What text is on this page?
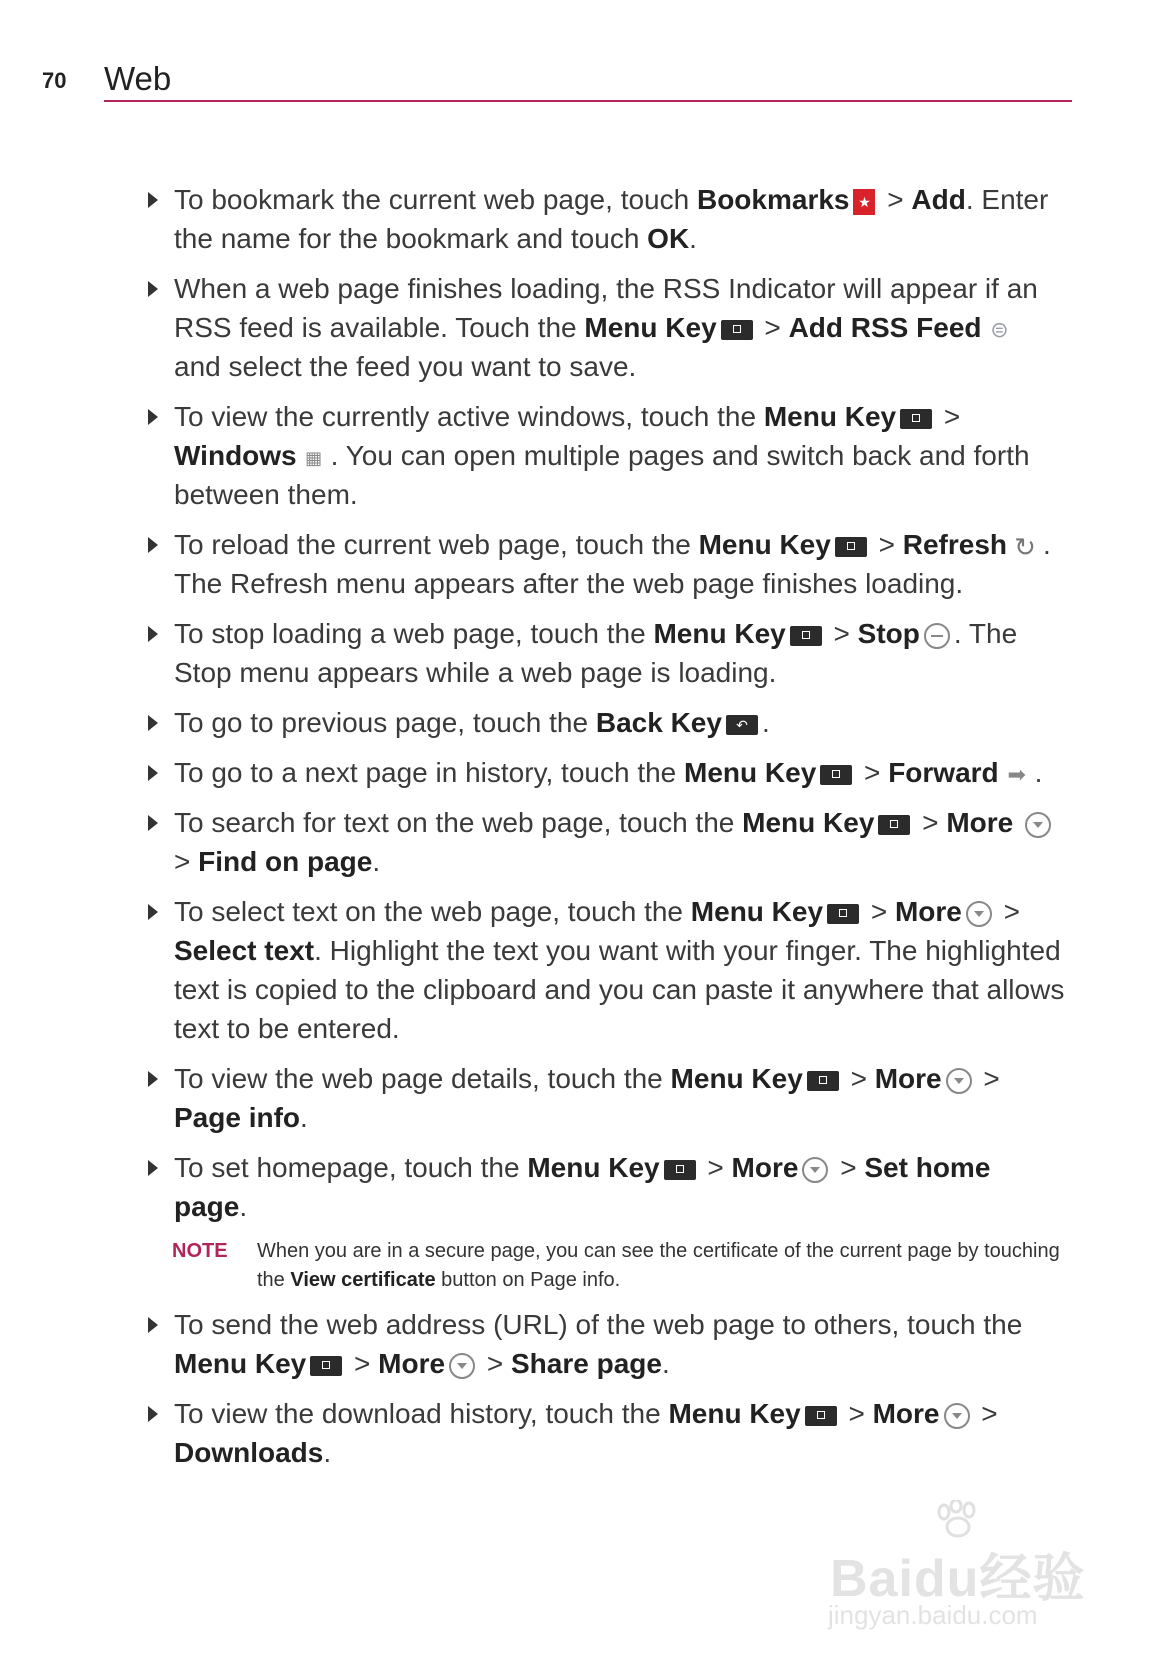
70 Web
To bookmark the current web page, touch Bookmarks ★ > Add. Enter the name for the bookmark and touch OK.
When a web page finishes loading, the RSS Indicator will appear if an RSS feed is available. Touch the Menu Key > Add RSS Feed ⊜ and select the feed you want to save.
To view the currently active windows, touch the Menu Key > Windows ▦ . You can open multiple pages and switch back and forth between them.
To reload the current web page, touch the Menu Key > Refresh ↻ . The Refresh menu appears after the web page finishes loading.
To stop loading a web page, touch the Menu Key > Stop . The Stop menu appears while a web page is loading.
To go to previous page, touch the Back Key ↶ .
To go to a next page in history, touch the Menu Key > Forward ➡ .
To search for text on the web page, touch the Menu Key > More  > Find on page.
To select text on the web page, touch the Menu Key > More > Select text. Highlight the text you want with your finger. The highlighted text is copied to the clipboard and you can paste it anywhere that allows text to be entered.
To view the web page details, touch the Menu Key > More > Page info.
To set homepage, touch the Menu Key > More > Set home page.
NOTE When you are in a secure page, you can see the certificate of the current page by touching the View certificate button on Page info.
To send the web address (URL) of the web page to others, touch the Menu Key > More > Share page.
To view the download history, touch the Menu Key > More > Downloads.
Baidu经验
jingyan.baidu.com
